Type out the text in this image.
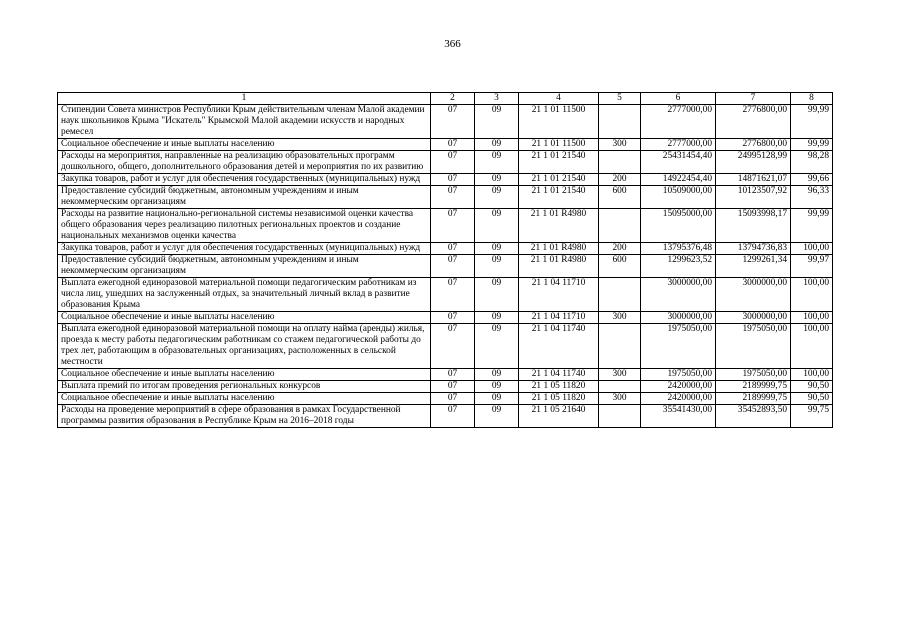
366
1	2	3	4	5	6	7	8
Стипендии Совета министров Республики Крым действительным членам Малой академии наук школьников Крыма "Искатель" Крымской Малой академии искусств и народных ремесел	07	09	21 1 01 11500		2777000,00	2776800,00	99,99
Социальное обеспечение и иные выплаты населению	07	09	21 1 01 11500	300	2777000,00	2776800,00	99,99
Расходы на мероприятия, направленные на реализацию образовательных программ дошкольного, общего, дополнительного образования детей и мероприятия по их развитию	07	09	21 1 01 21540		25431454,40	24995128,99	98,28
Закупка товаров, работ и услуг для обеспечения государственных (муниципальных) нужд	07	09	21 1 01 21540	200	14922454,40	14871621,07	99,66
Предоставление субсидий бюджетным, автономным учреждениям и иным некоммерческим организациям	07	09	21 1 01 21540	600	10509000,00	10123507,92	96,33
Расходы на развитие национально-региональной системы независимой оценки качества общего образования через реализацию пилотных региональных проектов и создание национальных механизмов оценки качества	07	09	21 1 01 R4980		15095000,00	15093998,17	99,99
Закупка товаров, работ и услуг для обеспечения государственных (муниципальных) нужд	07	09	21 1 01 R4980	200	13795376,48	13794736,83	100,00
Предоставление субсидий бюджетным, автономным учреждениям и иным некоммерческим организациям	07	09	21 1 01 R4980	600	1299623,52	1299261,34	99,97
Выплата ежегодной единоразовой материальной помощи педагогическим работникам из числа лиц, ушедших на заслуженный отдых, за значительный личный вклад в развитие образования Крыма	07	09	21 1 04 11710		3000000,00	3000000,00	100,00
Социальное обеспечение и иные выплаты населению	07	09	21 1 04 11710	300	3000000,00	3000000,00	100,00
Выплата ежегодной единоразовой материальной помощи на оплату найма (аренды) жилья, проезда к месту работы педагогическим работникам со стажем педагогической работы до трех лет, работающим в образовательных организациях, расположенных в сельской местности	07	09	21 1 04 11740		1975050,00	1975050,00	100,00
Социальное обеспечение и иные выплаты населению	07	09	21 1 04 11740	300	1975050,00	1975050,00	100,00
Выплата премий по итогам проведения региональных конкурсов	07	09	21 1 05 11820		2420000,00	2189999,75	90,50
Социальное обеспечение и иные выплаты населению	07	09	21 1 05 11820	300	2420000,00	2189999,75	90,50
Расходы на проведение мероприятий в сфере образования в рамках Государственной программы развития образования в Республике Крым на 2016–2018 годы	07	09	21 1 05 21640		35541430,00	35452893,50	99,75
